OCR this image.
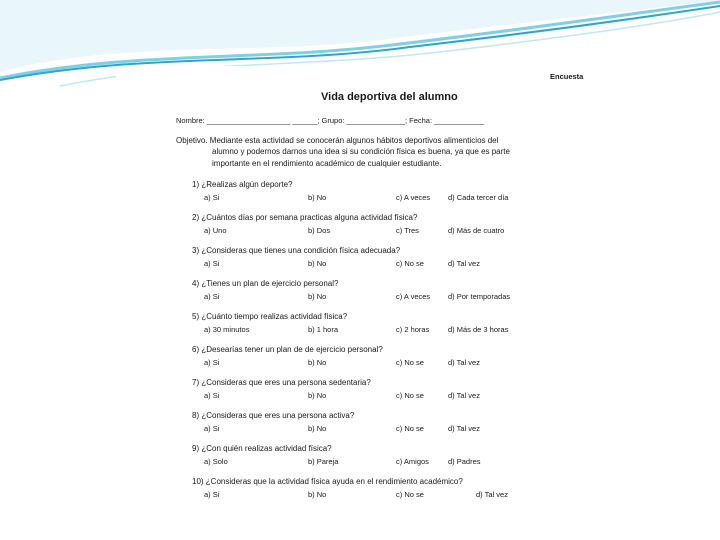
Encuesta
Vida deportiva del alumno
Nombre: ____________________ ______; Grupo: ______________; Fecha: ____________
Objetivo. Mediante esta actividad se conocerán algunos hábitos deportivos alimenticios del
alumno y podernos darnos una idea si su condición física es buena, ya que es parte
importante en el rendimiento académico de cualquier estudiante.
1) ¿Realizas algún deporte?
a) Si	b) No	c) A veces d) Cada tercer día
2) ¿Cuántos días por semana practicas alguna actividad física?
a) Uno	b) Dos	c) Tres	d) Más de cuatro
3) ¿Consideras que tienes una condición física adecuada?
a) Si	b) No	c) No se	d) Tal vez
4) ¿Tienes un plan de ejercicio personal?
a) Si	b) No	c) A veces d) Por temporadas
5) ¿Cuánto tiempo realizas actividad física?
a) 30 minutos	b) 1 hora	c) 2 horas d) Más de 3 horas
6) ¿Desearías tener un plan de de ejercicio personal?
a) Si	b) No	c) No se	d) Tal vez
7) ¿Consideras que eres una persona sedentaria?
a) Si	b) No	c) No se	d) Tal vez
8) ¿Consideras que eres una persona activa?
a) Si	b) No	c) No se	d) Tal vez
9) ¿Con quién realizas actividad física?
a) Solo	b) Pareja	c) Amigos	d) Padres
10) ¿Consideras que la actividad física ayuda en el rendimiento académico?
a) Si	b) No	c) No se	d) Tal vez
